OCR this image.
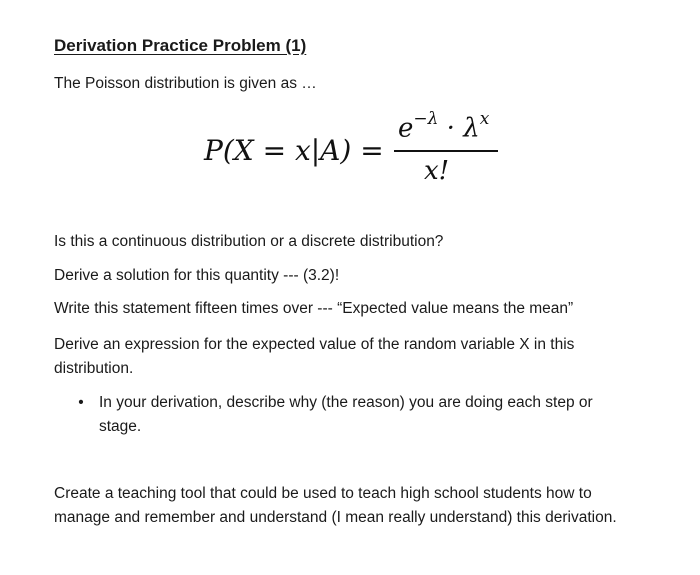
Derivation Practice Problem (1)
The Poisson distribution is given as …
P(X = x|A) =
$e^{-\lambda} \cdot \lambda^x$
x!
Is this a continuous distribution or a discrete distribution?
Derive a solution for this quantity --- (3.2)!
Write this statement fifteen times over --- “Expected value means the mean”
Derive an expression for the expected value of the random variable X in this distribution.
• In your derivation, describe why (the reason) you are doing each step or stage.
Create a teaching tool that could be used to teach high school students how to manage and remember and understand (I mean really understand) this derivation.
